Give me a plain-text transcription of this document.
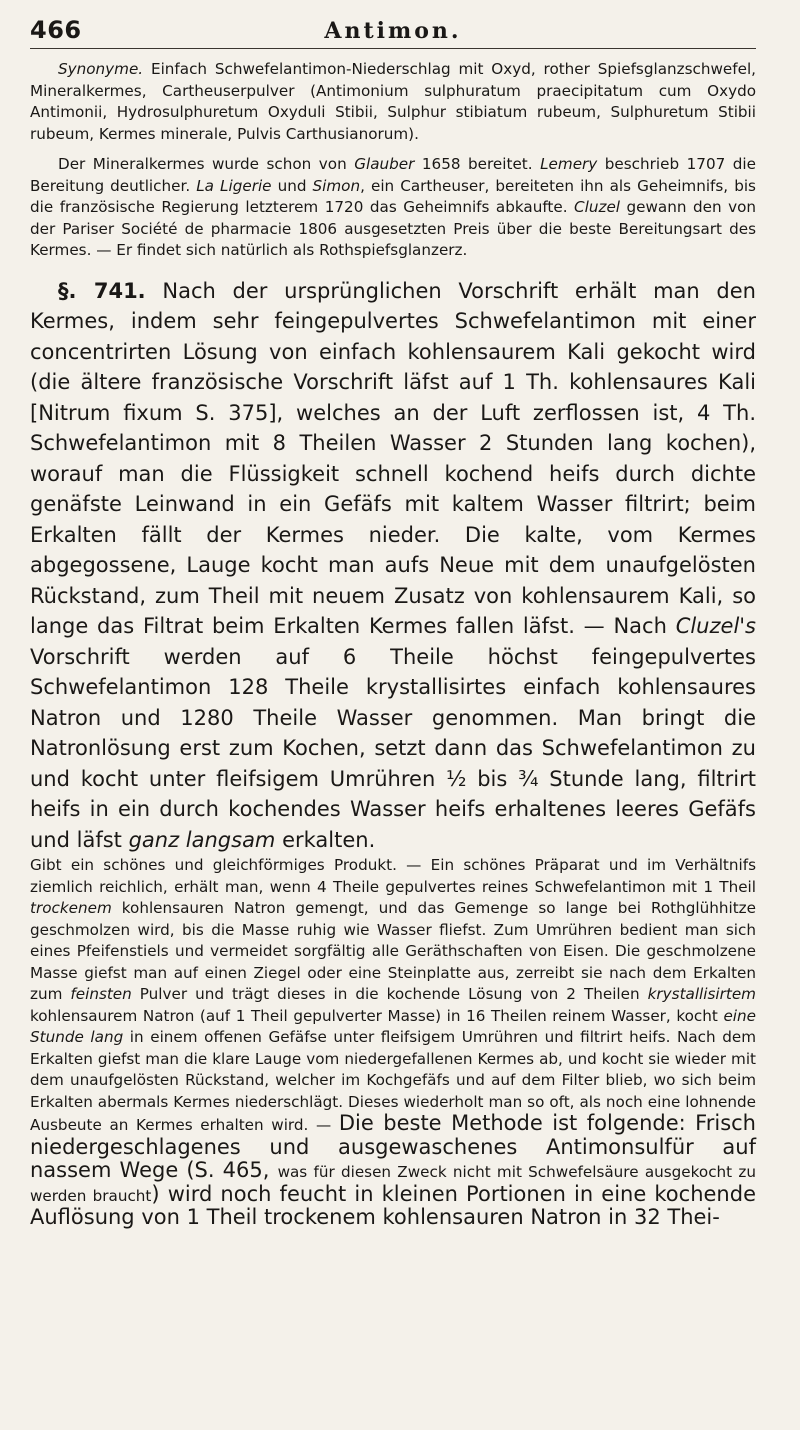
466	Antimon.

Synonyme. Einfach Schwefelantimon-Niederschlag mit Oxyd, rother Spiefsglanzschwefel, Mineralkermes, Cartheuserpulver (Antimonium sulphuratum praecipitatum cum Oxydo Antimonii, Hydrosulphuretum Oxyduli Stibii, Sulphur stibiatum rubeum, Sulphuretum Stibii rubeum, Kermes minerale, Pulvis Carthusianorum).

Der Mineralkermes wurde schon von Glauber 1658 bereitet. Lemery beschrieb 1707 die Bereitung deutlicher. La Ligerie und Simon, ein Cartheuser, bereiteten ihn als Geheimnifs, bis die französische Regierung letzterem 1720 das Geheimnifs abkaufte. Cluzel gewann den von der Pariser Société de pharmacie 1806 ausgesetzten Preis über die beste Bereitungsart des Kermes. — Er findet sich natürlich als Rothspiefsglanzerz.

§. 741. Nach der ursprünglichen Vorschrift erhält man den Kermes, indem sehr feingepulvertes Schwefelantimon mit einer concentrirten Lösung von einfach kohlensaurem Kali gekocht wird (die ältere französische Vorschrift läfst auf 1 Th. kohlensaures Kali [Nitrum fixum S. 375], welches an der Luft zerflossen ist, 4 Th. Schwefelantimon mit 8 Theilen Wasser 2 Stunden lang kochen), worauf man die Flüssigkeit schnell kochend heifs durch dichte genäfste Leinwand in ein Gefäfs mit kaltem Wasser filtrirt; beim Erkalten fällt der Kermes nieder. Die kalte, vom Kermes abgegossene, Lauge kocht man aufs Neue mit dem unaufgelösten Rückstand, zum Theil mit neuem Zusatz von kohlensaurem Kali, so lange das Filtrat beim Erkalten Kermes fallen läfst. — Nach Cluzel's Vorschrift werden auf 6 Theile höchst feingepulvertes Schwefelantimon 128 Theile krystallisirtes einfach kohlensaures Natron und 1280 Theile Wasser genommen. Man bringt die Natronlösung erst zum Kochen, setzt dann das Schwefelantimon zu und kocht unter fleifsigem Umrühren ½ bis ¾ Stunde lang, filtrirt heifs in ein durch kochendes Wasser heifs erhaltenes leeres Gefäfs und läfst ganz langsam erkalten.

Gibt ein schönes und gleichförmiges Produkt. — Ein schönes Präparat und im Verhältnifs ziemlich reichlich, erhält man, wenn 4 Theile gepulvertes reines Schwefelantimon mit 1 Theil trockenem kohlensauren Natron gemengt, und das Gemenge so lange bei Rothglühhitze geschmolzen wird, bis die Masse ruhig wie Wasser fliefst. Zum Umrühren bedient man sich eines Pfeifenstiels und vermeidet sorgfältig alle Geräthschaften von Eisen. Die geschmolzene Masse giefst man auf einen Ziegel oder eine Steinplatte aus, zerreibt sie nach dem Erkalten zum feinsten Pulver und trägt dieses in die kochende Lösung von 2 Theilen krystallisirtem kohlensaurem Natron (auf 1 Theil gepulverter Masse) in 16 Theilen reinem Wasser, kocht eine Stunde lang in einem offenen Gefäfse unter fleifsigem Umrühren und filtrirt heifs. Nach dem Erkalten giefst man die klare Lauge vom niedergefallenen Kermes ab, und kocht sie wieder mit dem unaufgelösten Rückstand, welcher im Kochgefäfs und auf dem Filter blieb, wo sich beim Erkalten abermals Kermes niederschlägt. Dieses wiederholt man so oft, als noch eine lohnende Ausbeute an Kermes erhalten wird. — Die beste Methode ist folgende: Frisch niedergeschlagenes und ausgewaschenes Antimonsulfür auf nassem Wege (S. 465, was für diesen Zweck nicht mit Schwefelsäure ausgekocht zu werden braucht) wird noch feucht in kleinen Portionen in eine kochende Auflösung von 1 Theil trockenem kohlensauren Natron in 32 Thei-
